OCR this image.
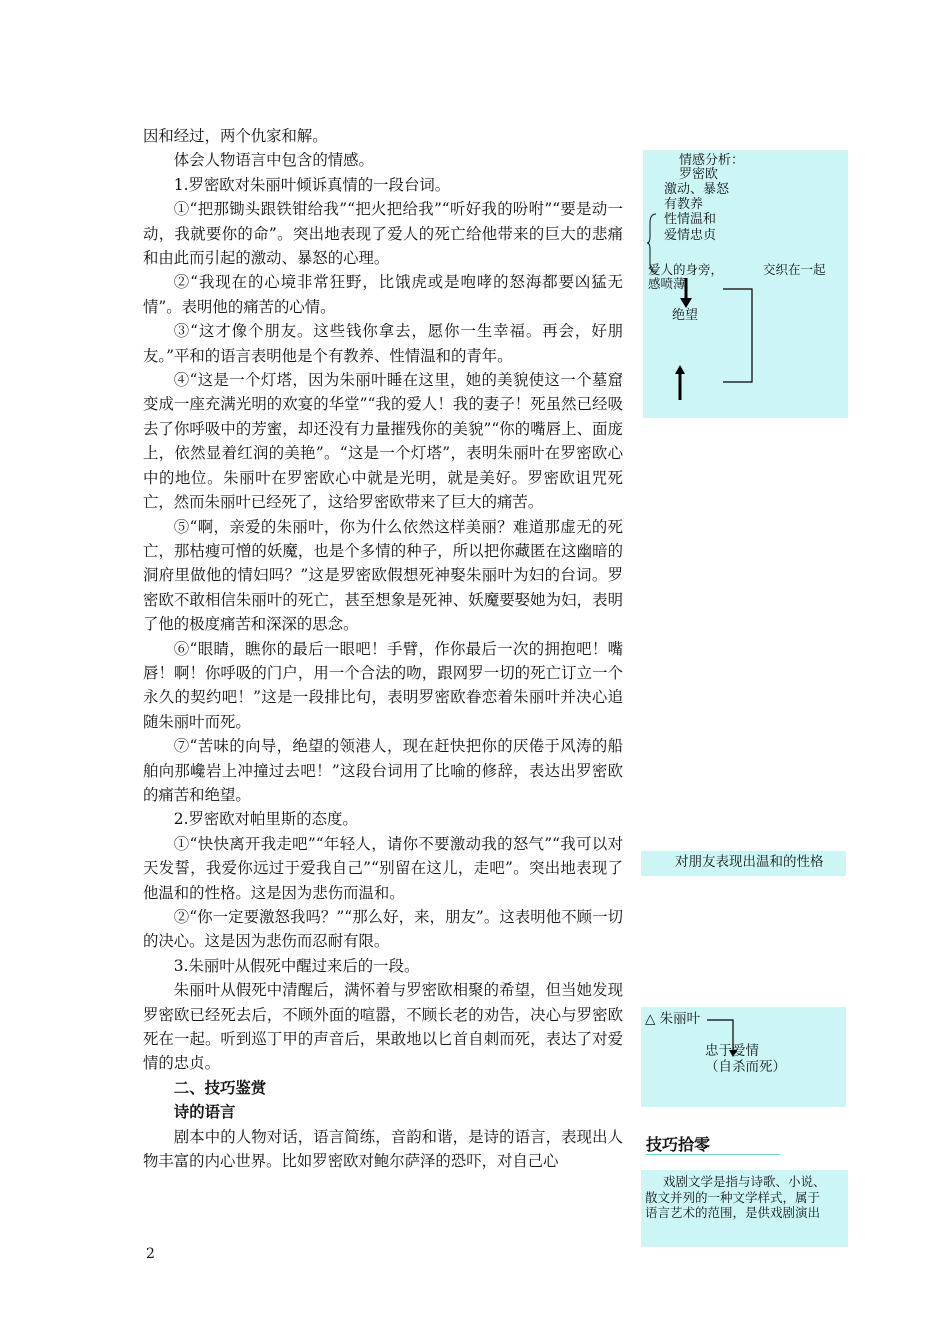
因和经过，两个仇家和解。

体会人物语言中包含的情感。

1.罗密欧对朱丽叶倾诉真情的一段台词。

①“把那锄头跟铁钳给我”“把火把给我”“听好我的吩咐”“要是动一动，我就要你的命”。突出地表现了爱人的死亡给他带来的巨大的悲痛和由此而引起的激动、暴怒的心理。

②“我现在的心境非常狂野，比饿虎或是咆哮的怒海都要凶猛无情”。表明他的痛苦的心情。

③“这才像个朋友。这些钱你拿去，愿你一生幸福。再会，好朋友。”平和的语言表明他是个有教养、性情温和的青年。

④“这是一个灯塔，因为朱丽叶睡在这里，她的美貌使这一个墓窟变成一座充满光明的欢宴的华堂”“我的爱人！我的妻子！死虽然已经吸去了你呼吸中的芳蜜，却还没有力量摧残你的美貌”“你的嘴唇上、面庞上，依然显着红润的美艳”。“这是一个灯塔”，表明朱丽叶在罗密欧心中的地位。朱丽叶在罗密欧心中就是光明，就是美好。罗密欧诅咒死亡，然而朱丽叶已经死了，这给罗密欧带来了巨大的痛苦。

⑤“啊，亲爱的朱丽叶，你为什么依然这样美丽？难道那虚无的死亡，那枯瘦可憎的妖魔，也是个多情的种子，所以把你藏匿在这幽暗的洞府里做他的情妇吗？”这是罗密欧假想死神娶朱丽叶为妇的台词。罗密欧不敢相信朱丽叶的死亡，甚至想象是死神、妖魔要娶她为妇，表明了他的极度痛苦和深深的思念。

⑥“眼睛，瞧你的最后一眼吧！手臂，作你最后一次的拥抱吧！嘴唇！啊！你呼吸的门户，用一个合法的吻，跟网罗一切的死亡订立一个永久的契约吧！”这是一段排比句，表明罗密欧眷恋着朱丽叶并决心追随朱丽叶而死。

⑦“苦味的向导，绝望的领港人，现在赶快把你的厌倦于风涛的船舶向那巉岩上冲撞过去吧！”这段台词用了比喻的修辞，表达出罗密欧的痛苦和绝望。

2.罗密欧对帕里斯的态度。

①“快快离开我走吧”“年轻人，请你不要激动我的怒气”“我可以对天发誓，我爱你远过于爱我自己”“别留在这儿，走吧”。突出地表现了他温和的性格。这是因为悲伤而温和。

②“你一定要激怒我吗？”“那么好，来，朋友”。这表明他不顾一切的决心。这是因为悲伤而忍耐有限。

3.朱丽叶从假死中醒过来后的一段。

朱丽叶从假死中清醒后，满怀着与罗密欧相聚的希望，但当她发现罗密欧已经死去后，不顾外面的喧嚣，不顾长老的劝告，决心与罗密欧死在一起。听到巡丁甲的声音后，果敢地以匕首自刺而死，表达了对爱情的忠贞。

二、技巧鉴赏

诗的语言

剧本中的人物对话，语言简练，音韵和谐，是诗的语言，表现出人物丰富的内心世界。比如罗密欧对鲍尔萨泽的恐吓，对自己心

情感分析：
罗密欧
激动、暴怒
有教养
性情温和
爱情忠贞
爱人的身旁，	交织在一起
感喷薄
绝望
对朋友表现出温和的性格
△ 朱丽叶
忠于爱情
（自杀而死）
技巧拾零
戏剧文学是指与诗歌、小说、
散文并列的一种文学样式，属于
语言艺术的范围，是供戏剧演出
2
